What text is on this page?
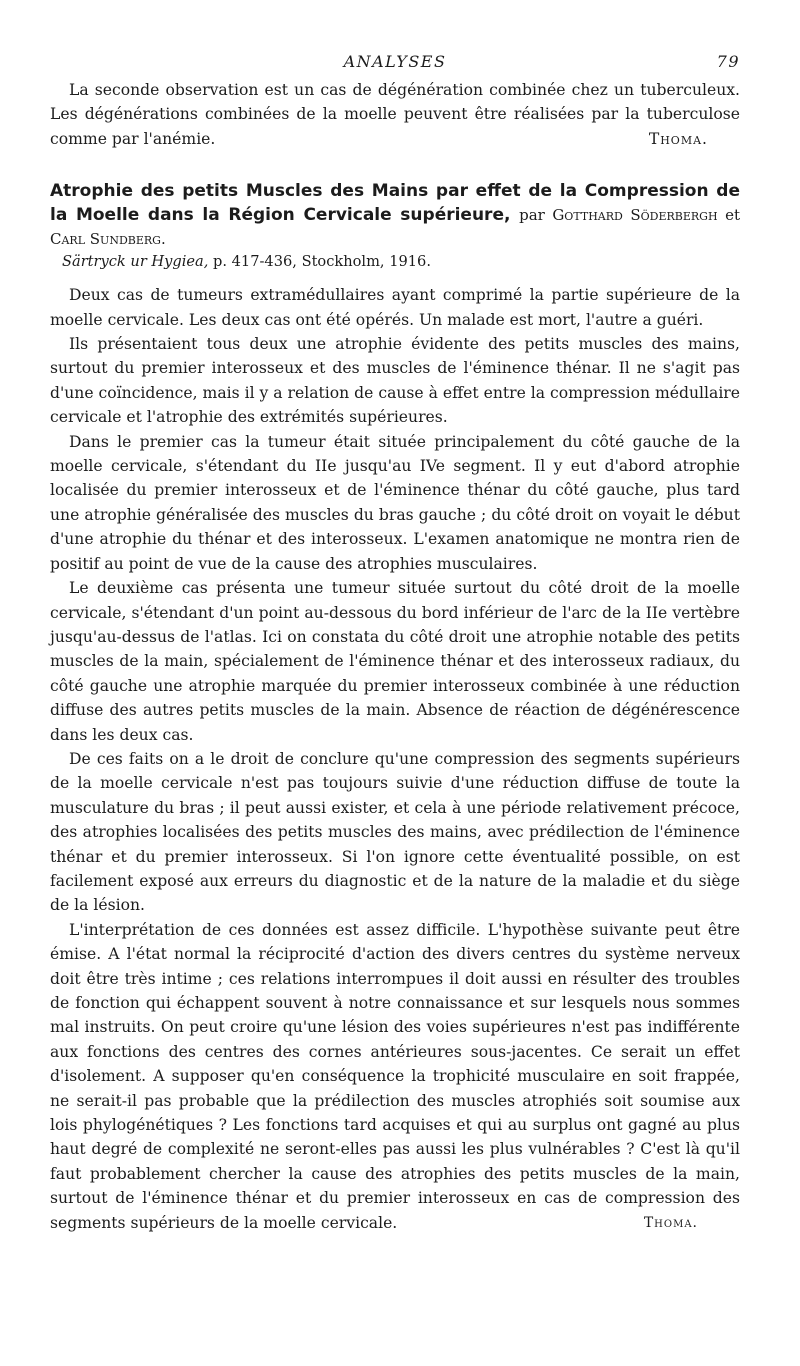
ANALYSES	79

La seconde observation est un cas de dégénération combinée chez un tuberculeux. Les dégénérations combinées de la moelle peuvent être réalisées par la tuberculose comme par l'anémie.	Thoma.

Atrophie des petits Muscles des Mains par effet de la Compression de la Moelle dans la Région Cervicale supérieure, par Gotthard Söderbergh et Carl Sundberg.
Särtryck ur Hygiea, p. 417-436, Stockholm, 1916.

Deux cas de tumeurs extramédullaires ayant comprimé la partie supérieure de la moelle cervicale. Les deux cas ont été opérés. Un malade est mort, l'autre a guéri.

Ils présentaient tous deux une atrophie évidente des petits muscles des mains, surtout du premier interosseux et des muscles de l'éminence thénar. Il ne s'agit pas d'une coïncidence, mais il y a relation de cause à effet entre la compression médullaire cervicale et l'atrophie des extrémités supérieures.

Dans le premier cas la tumeur était située principalement du côté gauche de la moelle cervicale, s'étendant du IIe jusqu'au IVe segment. Il y eut d'abord atrophie localisée du premier interosseux et de l'éminence thénar du côté gauche, plus tard une atrophie généralisée des muscles du bras gauche ; du côté droit on voyait le début d'une atrophie du thénar et des interosseux. L'examen anatomique ne montra rien de positif au point de vue de la cause des atrophies musculaires.

Le deuxième cas présenta une tumeur située surtout du côté droit de la moelle cervicale, s'étendant d'un point au-dessous du bord inférieur de l'arc de la IIe vertèbre jusqu'au-dessus de l'atlas. Ici on constata du côté droit une atrophie notable des petits muscles de la main, spécialement de l'éminence thénar et des interosseux radiaux, du côté gauche une atrophie marquée du premier interosseux combinée à une réduction diffuse des autres petits muscles de la main. Absence de réaction de dégénérescence dans les deux cas.

De ces faits on a le droit de conclure qu'une compression des segments supérieurs de la moelle cervicale n'est pas toujours suivie d'une réduction diffuse de toute la musculature du bras ; il peut aussi exister, et cela à une période relativement précoce, des atrophies localisées des petits muscles des mains, avec prédilection de l'éminence thénar et du premier interosseux. Si l'on ignore cette éventualité possible, on est facilement exposé aux erreurs du diagnostic et de la nature de la maladie et du siège de la lésion.

L'interprétation de ces données est assez difficile. L'hypothèse suivante peut être émise. A l'état normal la réciprocité d'action des divers centres du système nerveux doit être très intime ; ces relations interrompues il doit aussi en résulter des troubles de fonction qui échappent souvent à notre connaissance et sur lesquels nous sommes mal instruits. On peut croire qu'une lésion des voies supérieures n'est pas indifférente aux fonctions des centres des cornes antérieures sous-jacentes. Ce serait un effet d'isolement. A supposer qu'en conséquence la trophicité musculaire en soit frappée, ne serait-il pas probable que la prédilection des muscles atrophiés soit soumise aux lois phylogénétiques ? Les fonctions tard acquises et qui au surplus ont gagné au plus haut degré de complexité ne seront-elles pas aussi les plus vulnérables ? C'est là qu'il faut probablement chercher la cause des atrophies des petits muscles de la main, surtout de l'éminence thénar et du premier interosseux en cas de compression des segments supérieurs de la moelle cervicale.	Thoma.
